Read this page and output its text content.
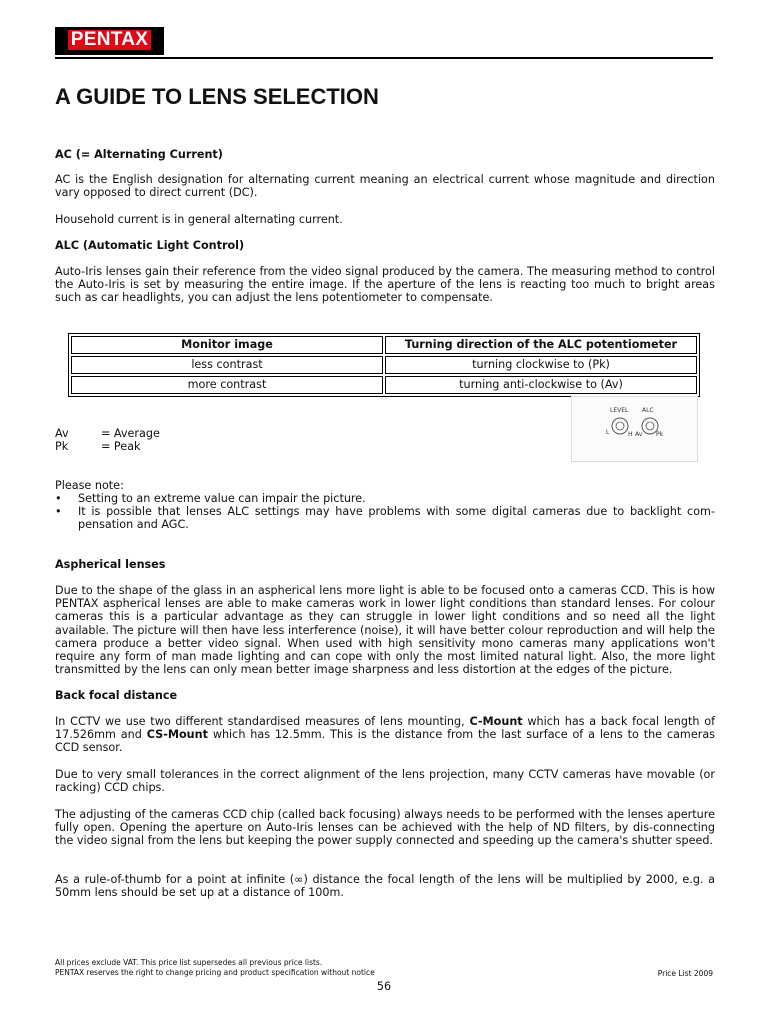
PENTAX
A GUIDE TO LENS SELECTION
AC (= Alternating Current)
AC is the English designation for alternating current meaning an electrical current whose magnitude and direction vary opposed to direct current (DC).
Household current is in general alternating current.
ALC (Automatic Light Control)
Auto-Iris lenses gain their reference from the video signal produced by the camera. The measuring method to control the Auto-Iris is set by measuring the entire image. If the aperture of the lens is reacting too much to bright areas such as car headlights, you can adjust the lens potentiometer to compensate.
Monitor image	Turning direction of the ALC potentiometer
less contrast	turning clockwise to (Pk)
more contrast	turning anti-clockwise to (Av)
Av	= Average
Pk	= Peak
LEVEL ALC
L	H Av Pk
Please note:
• Setting to an extreme value can impair the picture.
• It is possible that lenses ALC settings may have problems with some digital cameras due to backlight com-pensation and AGC.
Aspherical lenses
Due to the shape of the glass in an aspherical lens more light is able to be focused onto a cameras CCD. This is how PENTAX aspherical lenses are able to make cameras work in lower light conditions than standard lenses. For colour cameras this is a particular advantage as they can struggle in lower light conditions and so need all the light available. The picture will then have less interference (noise), it will have better colour reproduction and will help the camera produce a better video signal. When used with high sensitivity mono cameras many applications won't require any form of man made lighting and can cope with only the most limited natural light. Also, the more light transmitted by the lens can only mean better image sharpness and less distortion at the edges of the picture.
Back focal distance
In CCTV we use two different standardised measures of lens mounting, C-Mount which has a back focal length of 17.526mm and CS-Mount which has 12.5mm. This is the distance from the last surface of a lens to the cameras CCD sensor.
Due to very small tolerances in the correct alignment of the lens projection, many CCTV cameras have movable (or racking) CCD chips.
The adjusting of the cameras CCD chip (called back focusing) always needs to be performed with the lenses aperture fully open. Opening the aperture on Auto-Iris lenses can be achieved with the help of ND filters, by dis-connecting the video signal from the lens but keeping the power supply connected and speeding up the camera's shutter speed.
As a rule-of-thumb for a point at infinite (∞) distance the focal length of the lens will be multiplied by 2000, e.g. a 50mm lens should be set up at a distance of 100m.
All prices exclude VAT. This price list supersedes all previous price lists.
PENTAX reserves the right to change pricing and product specification without notice	Price List 2009
56
